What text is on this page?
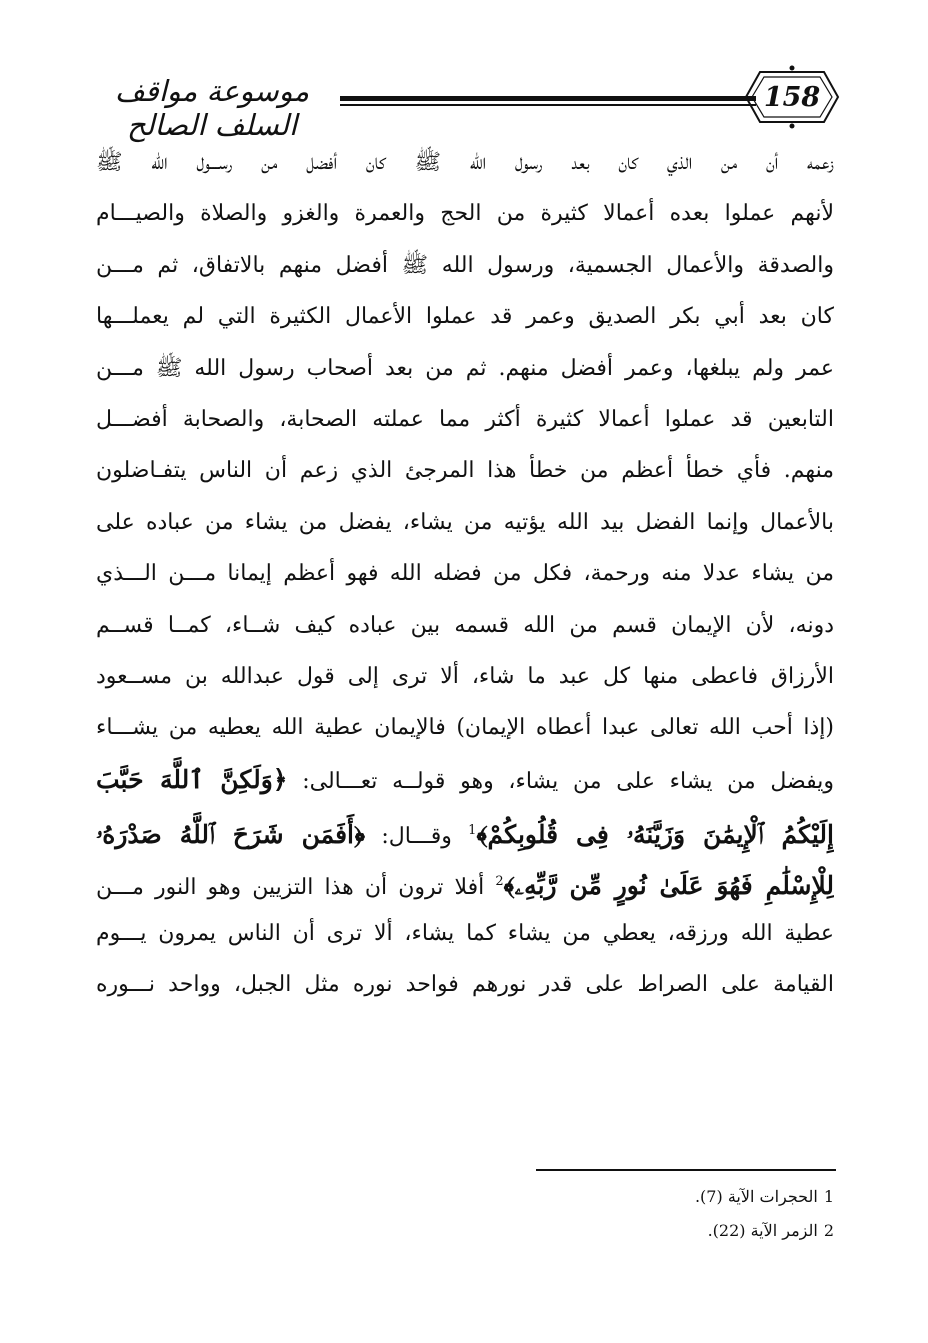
موسوعة مواقف السلف الصالح
158
زعمه أن من الذي كان بعد رسول الله ﷺ كان أفضل من رســـول الله ﷺ
لأنهم عملوا بعده أعمالا كثيرة من الحج والعمرة والغزو والصلاة والصيـــام
والصدقة والأعمال الجسمية، ورسول الله ﷺ أفضل منهم بالاتفاق، ثم مـــن
كان بعد أبي بكر الصديق وعمر قد عملوا الأعمال الكثيرة التي لم يعملـــها
عمر ولم يبلغها، وعمر أفضل منهم. ثم من بعد أصحاب رسول الله ﷺ مـــن
التابعين قد عملوا أعمالا كثيرة أكثر مما عملته الصحابة، والصحابة أفضـــل
منهم. فأي خطأ أعظم من خطأ هذا المرجئ الذي زعم أن الناس يتفـاضلون
بالأعمال وإنما الفضل بيد الله يؤتيه من يشاء، يفضل من يشاء من عباده على
من يشاء عدلا منه ورحمة، فكل من فضله الله فهو أعظم إيمانا مـــن الـــذي
دونه، لأن الإيمان قسم من الله قسمه بين عباده كيف شــاء، كمــا قســم
الأرزاق فاعطى منها كل عبد ما شاء، ألا ترى إلى قول عبدالله بن مســعود
(إذا أحب الله تعالى عبدا أعطاه الإيمان) فالإيمان عطية الله يعطيه من يشـــاء
ويفضل من يشاء على من يشاء، وهو قولــه تعـــالى: ﴿وَلَكِنَّ ٱللَّهَ حَبَّبَ
إِلَيْكُمُ ٱلْإِيمَٰنَ وَزَيَّنَهُۥ فِى قُلُوبِكُمْ﴾$^1$ وقـــال: ﴿أَفَمَن شَرَحَ ٱللَّهُ صَدْرَهُۥ
لِلْإِسْلَٰمِ فَهُوَ عَلَىٰ نُورٍ مِّن رَّبِّهِۦ﴾$^2$ أفلا ترون أن هذا التزيين وهو النور مـــن
عطية الله ورزقه، يعطي من يشاء كما يشاء، ألا ترى أن الناس يمرون يـــوم
القيامة على الصراط على قدر نورهم فواحد نوره مثل الجبل، وواحد نـــوره
1الحجرات الآية (7).
2الزمر الآية (22).
